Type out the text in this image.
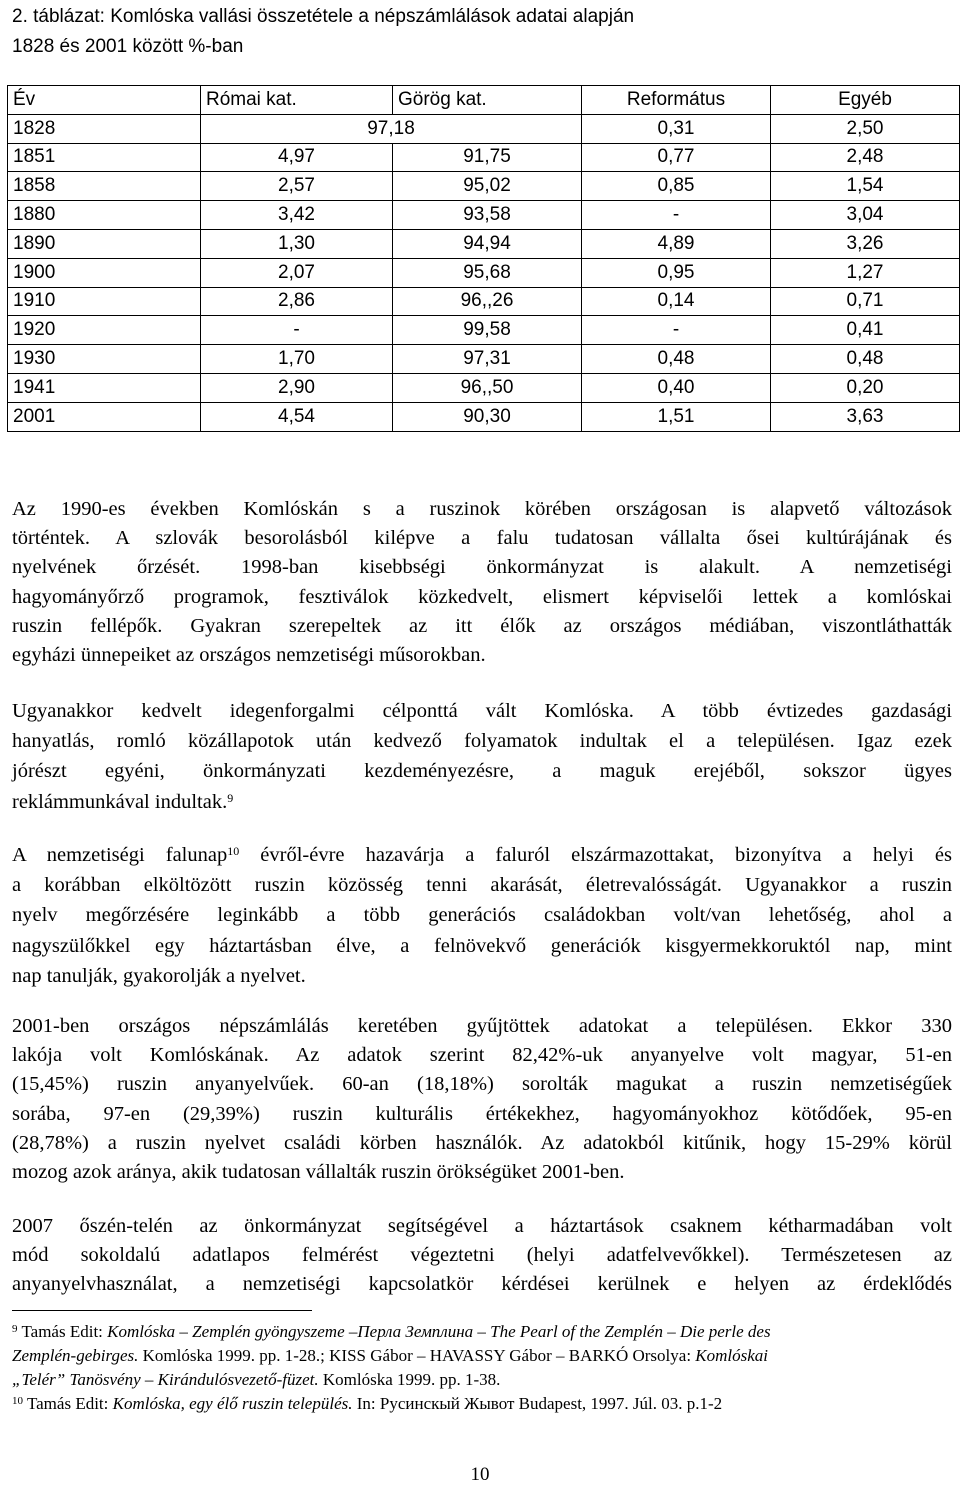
2. táblázat: Komlóska vallási összetétele a népszámlálások adatai alapján
1828 és 2001 között %-ban
Év	Római kat.	Görög kat.	Református	Egyéb
1828	97,18		0,31	2,50
1851	4,97	91,75	0,77	2,48
1858	2,57	95,02	0,85	1,54
1880	3,42	93,58	-	3,04
1890	1,30	94,94	4,89	3,26
1900	2,07	95,68	0,95	1,27
1910	2,86	96,,26	0,14	0,71
1920	-	99,58	-	0,41
1930	1,70	97,31	0,48	0,48
1941	2,90	96,,50	0,40	0,20
2001	4,54	90,30	1,51	3,63
Az 1990-es években Komlóskán s a ruszinok körében országosan is alapvető változások
történtek. A szlovák besorolásból kilépve a falu tudatosan vállalta ősei kultúrájának és
nyelvének őrzését. 1998-ban kisebbségi önkormányzat is alakult. A nemzetiségi
hagyományőrző programok, fesztiválok közkedvelt, elismert képviselői lettek a komlóskai
ruszin fellépők. Gyakran szerepeltek az itt élők az országos médiában, viszontláthatták
egyházi ünnepeiket az országos nemzetiségi műsorokban.
Ugyanakkor kedvelt idegenforgalmi célponttá vált Komlóska. A több évtizedes gazdasági
hanyatlás, romló közállapotok után kedvező folyamatok indultak el a településen. Igaz ezek
jórészt egyéni, önkormányzati kezdeményezésre, a maguk erejéből, sokszor ügyes
reklámmunkával indultak.$^9$
A nemzetiségi falunap$^{10}$ évről-évre hazavárja a faluról elszármazottakat, bizonyítva a helyi és
a korábban elköltözött ruszin közösség tenni akarását, életrevalósságát. Ugyanakkor a ruszin
nyelv megőrzésére leginkább a több generációs családokban volt/van lehetőség, ahol a
nagyszülőkkel egy háztartásban élve, a felnövekvő generációk kisgyermekkoruktól nap, mint
nap tanulják, gyakorolják a nyelvet.
2001-ben országos népszámlálás keretében gyűjtöttek adatokat a településen. Ekkor 330
lakója volt Komlóskának. Az adatok szerint 82,42%-uk anyanyelve volt magyar, 51-en
(15,45%) ruszin anyanyelvűek. 60-an (18,18%) sorolták magukat a ruszin nemzetiségűek
sorába, 97-en (29,39%) ruszin kulturális értékekhez, hagyományokhoz kötődőek, 95-en
(28,78%) a ruszin nyelvet családi körben használók. Az adatokból kitűnik, hogy 15-29% körül
mozog azok aránya, akik tudatosan vállalták ruszin örökségüket 2001-ben.
2007 őszén-telén az önkormányzat segítségével a háztartások csaknem kétharmadában volt
mód sokoldalú adatlapos felmérést végeztetni (helyi adatfelvevőkkel). Természetesen az
anyanyelvhasználat, a nemzetiségi kapcsolatkör kérdései kerülnek e helyen az érdeklődés
$^9$ Tamás Edit: Komlóska – Zemplén gyöngyszeme –Перла Земплина – The Pearl of the Zemplén – Die perle des
Zemplén-gebirges. Komlóska 1999. pp. 1-28.; KISS Gábor – HAVASSY Gábor – BARKÓ Orsolya: Komlóskai
„Telér” Tanösvény – Kirándulósvezető-füzet. Komlóska 1999. pp. 1-38.
$^{10}$ Tamás Edit: Komlóska, egy élő ruszin település. In: Русинскый Жывот Budapest, 1997. Júl. 03. p.1-2
10
